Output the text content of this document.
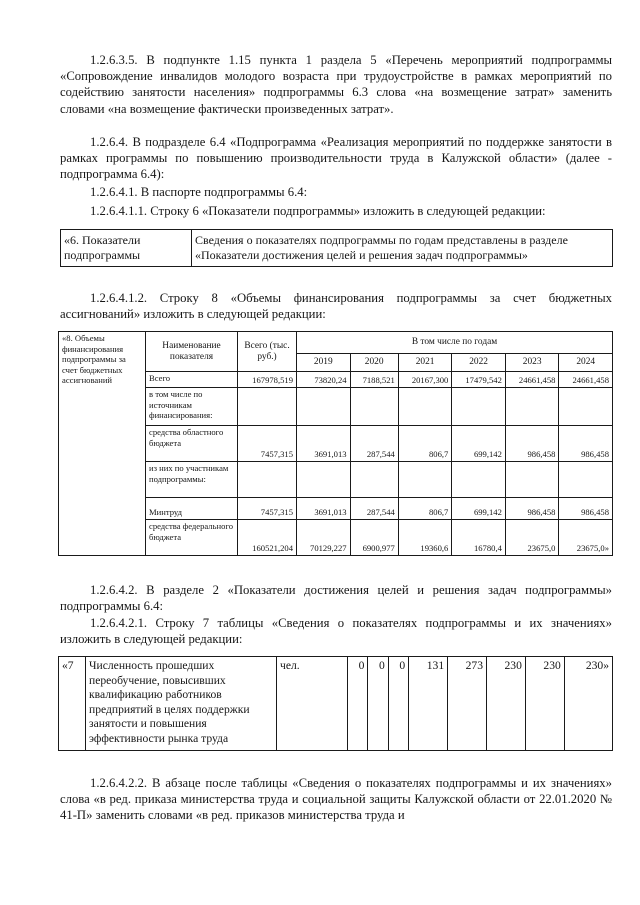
1.2.6.3.5. В подпункте 1.15 пункта 1 раздела 5 «Перечень мероприятий подпрограммы «Сопровождение инвалидов молодого возраста при трудоустройстве в рамках мероприятий по содействию занятости населения» подпрограммы 6.3 слова «на возмещение затрат» заменить словами «на возмещение фактически произведенных затрат».

1.2.6.4. В подразделе 6.4 «Подпрограмма «Реализация мероприятий по поддержке занятости в рамках программы по повышению производительности труда в Калужской области» (далее - подпрограмма 6.4):

1.2.6.4.1. В паспорте подпрограммы 6.4:

1.2.6.4.1.1. Строку 6 «Показатели подпрограммы» изложить в следующей редакции:

«6. Показатели подпрограммы	Сведения о показателях подпрограммы по годам представлены в разделе «Показатели достижения целей и решения задач подпрограммы»

1.2.6.4.1.2. Строку 8 «Объемы финансирования подпрограммы за счет бюджетных ассигнований» изложить в следующей редакции:

«8. Объемы финансирования подпрограммы за счет бюджетных ассигнований	Наименование показателя	Всего (тыс. руб.)	В том числе по годам					
			2019	2020	2021	2022	2023	2024
	Всего	167978,519	73820,24	7188,521	20167,300	17479,542	24661,458	24661,458
	в том числе по источникам финансирования:							
	средства областного бюджета	7457,315	3691,013	287,544	806,7	699,142	986,458	986,458
	из них по участникам подпрограммы:							
	Минтруд	7457,315	3691,013	287,544	806,7	699,142	986,458	986,458
	средства федерального бюджета	160521,204	70129,227	6900,977	19360,6	16780,4	23675,0	23675,0»

1.2.6.4.2. В разделе 2 «Показатели достижения целей и решения задач подпрограммы» подпрограммы 6.4:

1.2.6.4.2.1. Строку 7 таблицы «Сведения о показателях подпрограммы и их значениях» изложить в следующей редакции:

«7	Численность прошедших переобучение, повысивших квалификацию работников предприятий в целях поддержки занятости и повышения эффективности рынка труда	чел.	0	0	0	131	273	230	230	230»

1.2.6.4.2.2. В абзаце после таблицы «Сведения о показателях подпрограммы и их значениях» слова «в ред. приказа министерства труда и социальной защиты Калужской области от 22.01.2020 № 41-П» заменить словами «в ред. приказов министерства труда и
